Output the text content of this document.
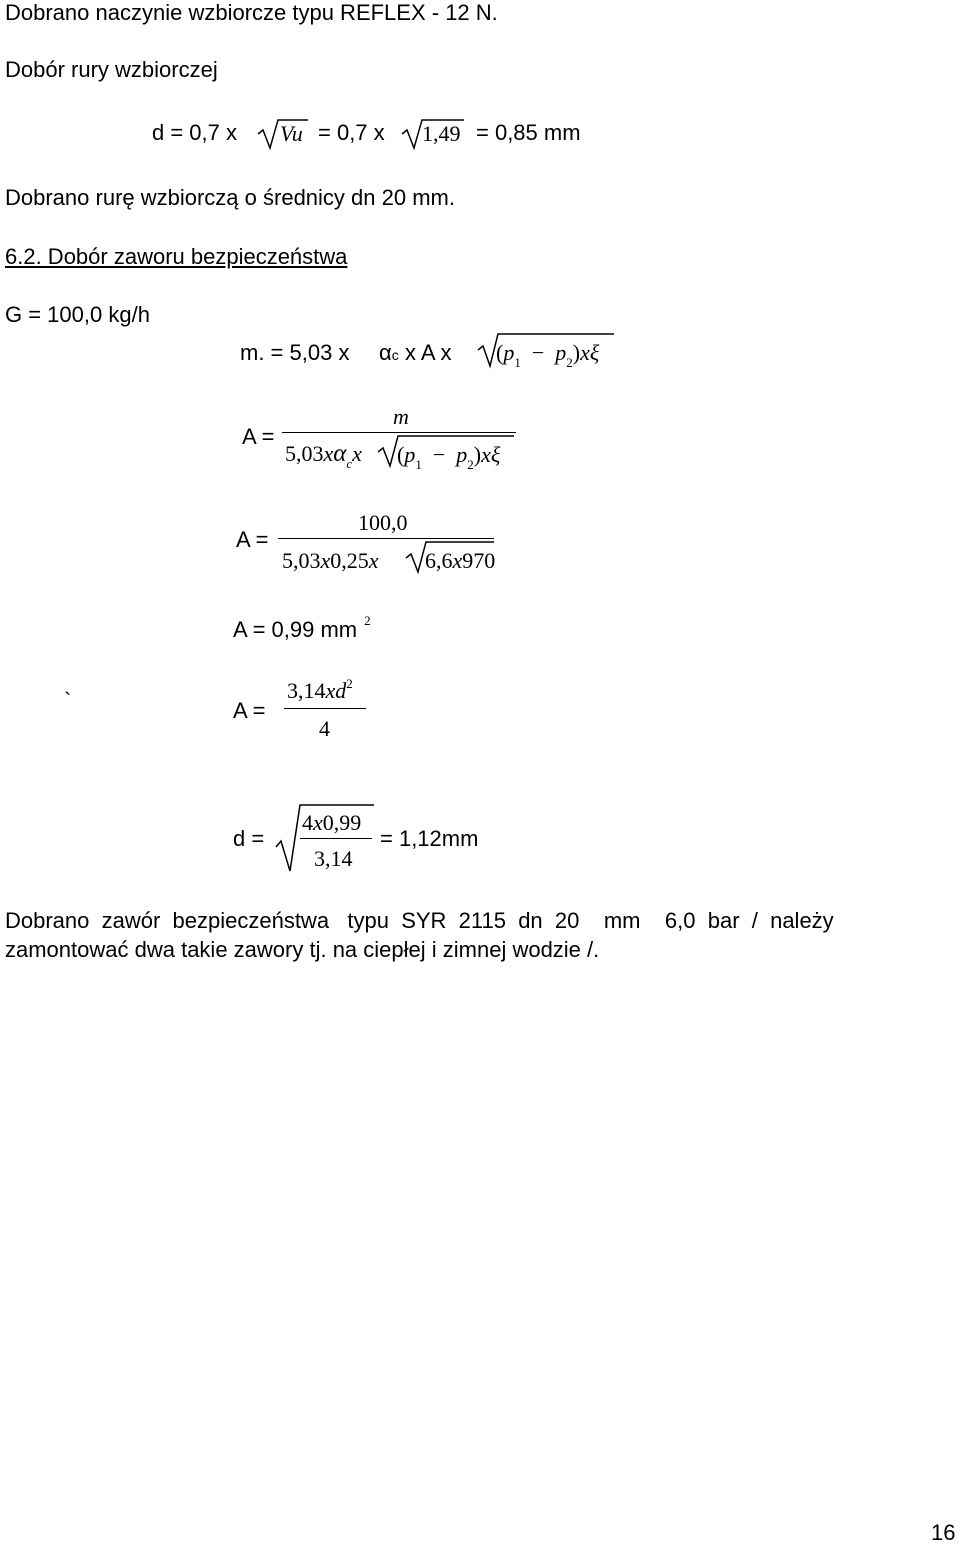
Dobrano naczynie wzbiorcze typu REFLEX - 12 N.
Dobór rury wzbiorczej
d = 0,7 x Vu = 0,7 x 1,49 = 0,85 mm
Dobrano rurę wzbiorczą o średnicy dn 20 mm.
6.2. Dobór zaworu bezpieczeństwa
G = 100,0 kg/h
m. = 5,03 x αc x A x $(p_1 - p_2)x\xi$
A =
m
$5,03x\alpha_cx$ $(p_1 - p_2)x\xi$
A =
100,0
5,03x0,25x 6,6x970
A = 0,99 mm $^2$
`	A =
$3,14xd^2$
4
d =
4x0,99
3,14
= 1,12mm
Dobrano  zawór  bezpieczeństwa   typu  SYR  2115  dn  20    mm    6,0  bar  /  należy
zamontować dwa takie zawory tj. na ciepłej i zimnej wodzie /.
16
